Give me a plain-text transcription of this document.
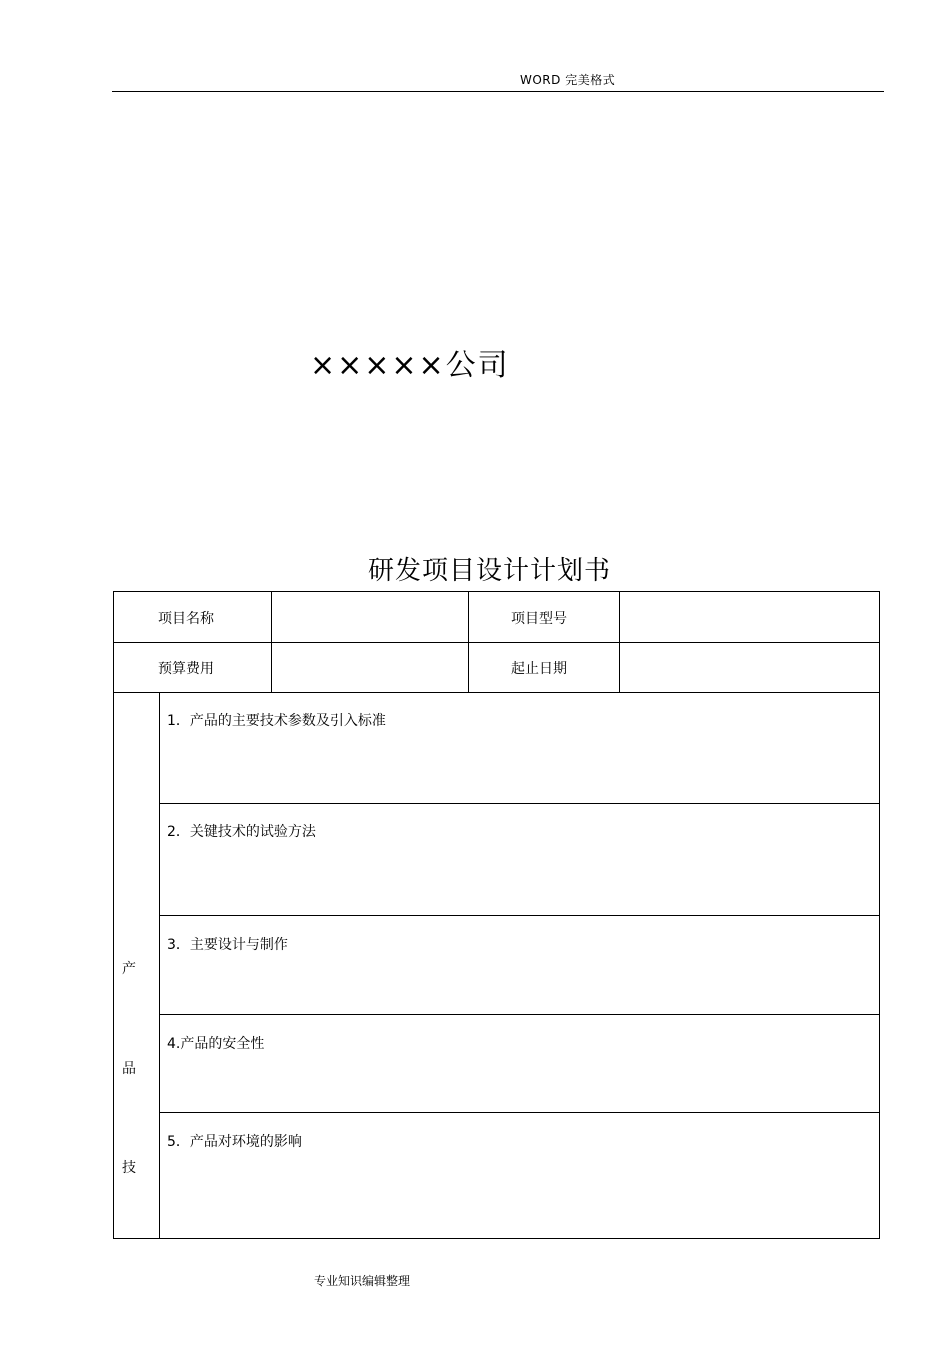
WORD 完美格式
×××××公司
研发项目设计计划书
项目名称	项目型号
预算费用	起止日期
产
品
技
1．产品的主要技术参数及引入标准
2．关键技术的试验方法
3．主要设计与制作
4.产品的安全性
5．产品对环境的影响
专业知识编辑整理
